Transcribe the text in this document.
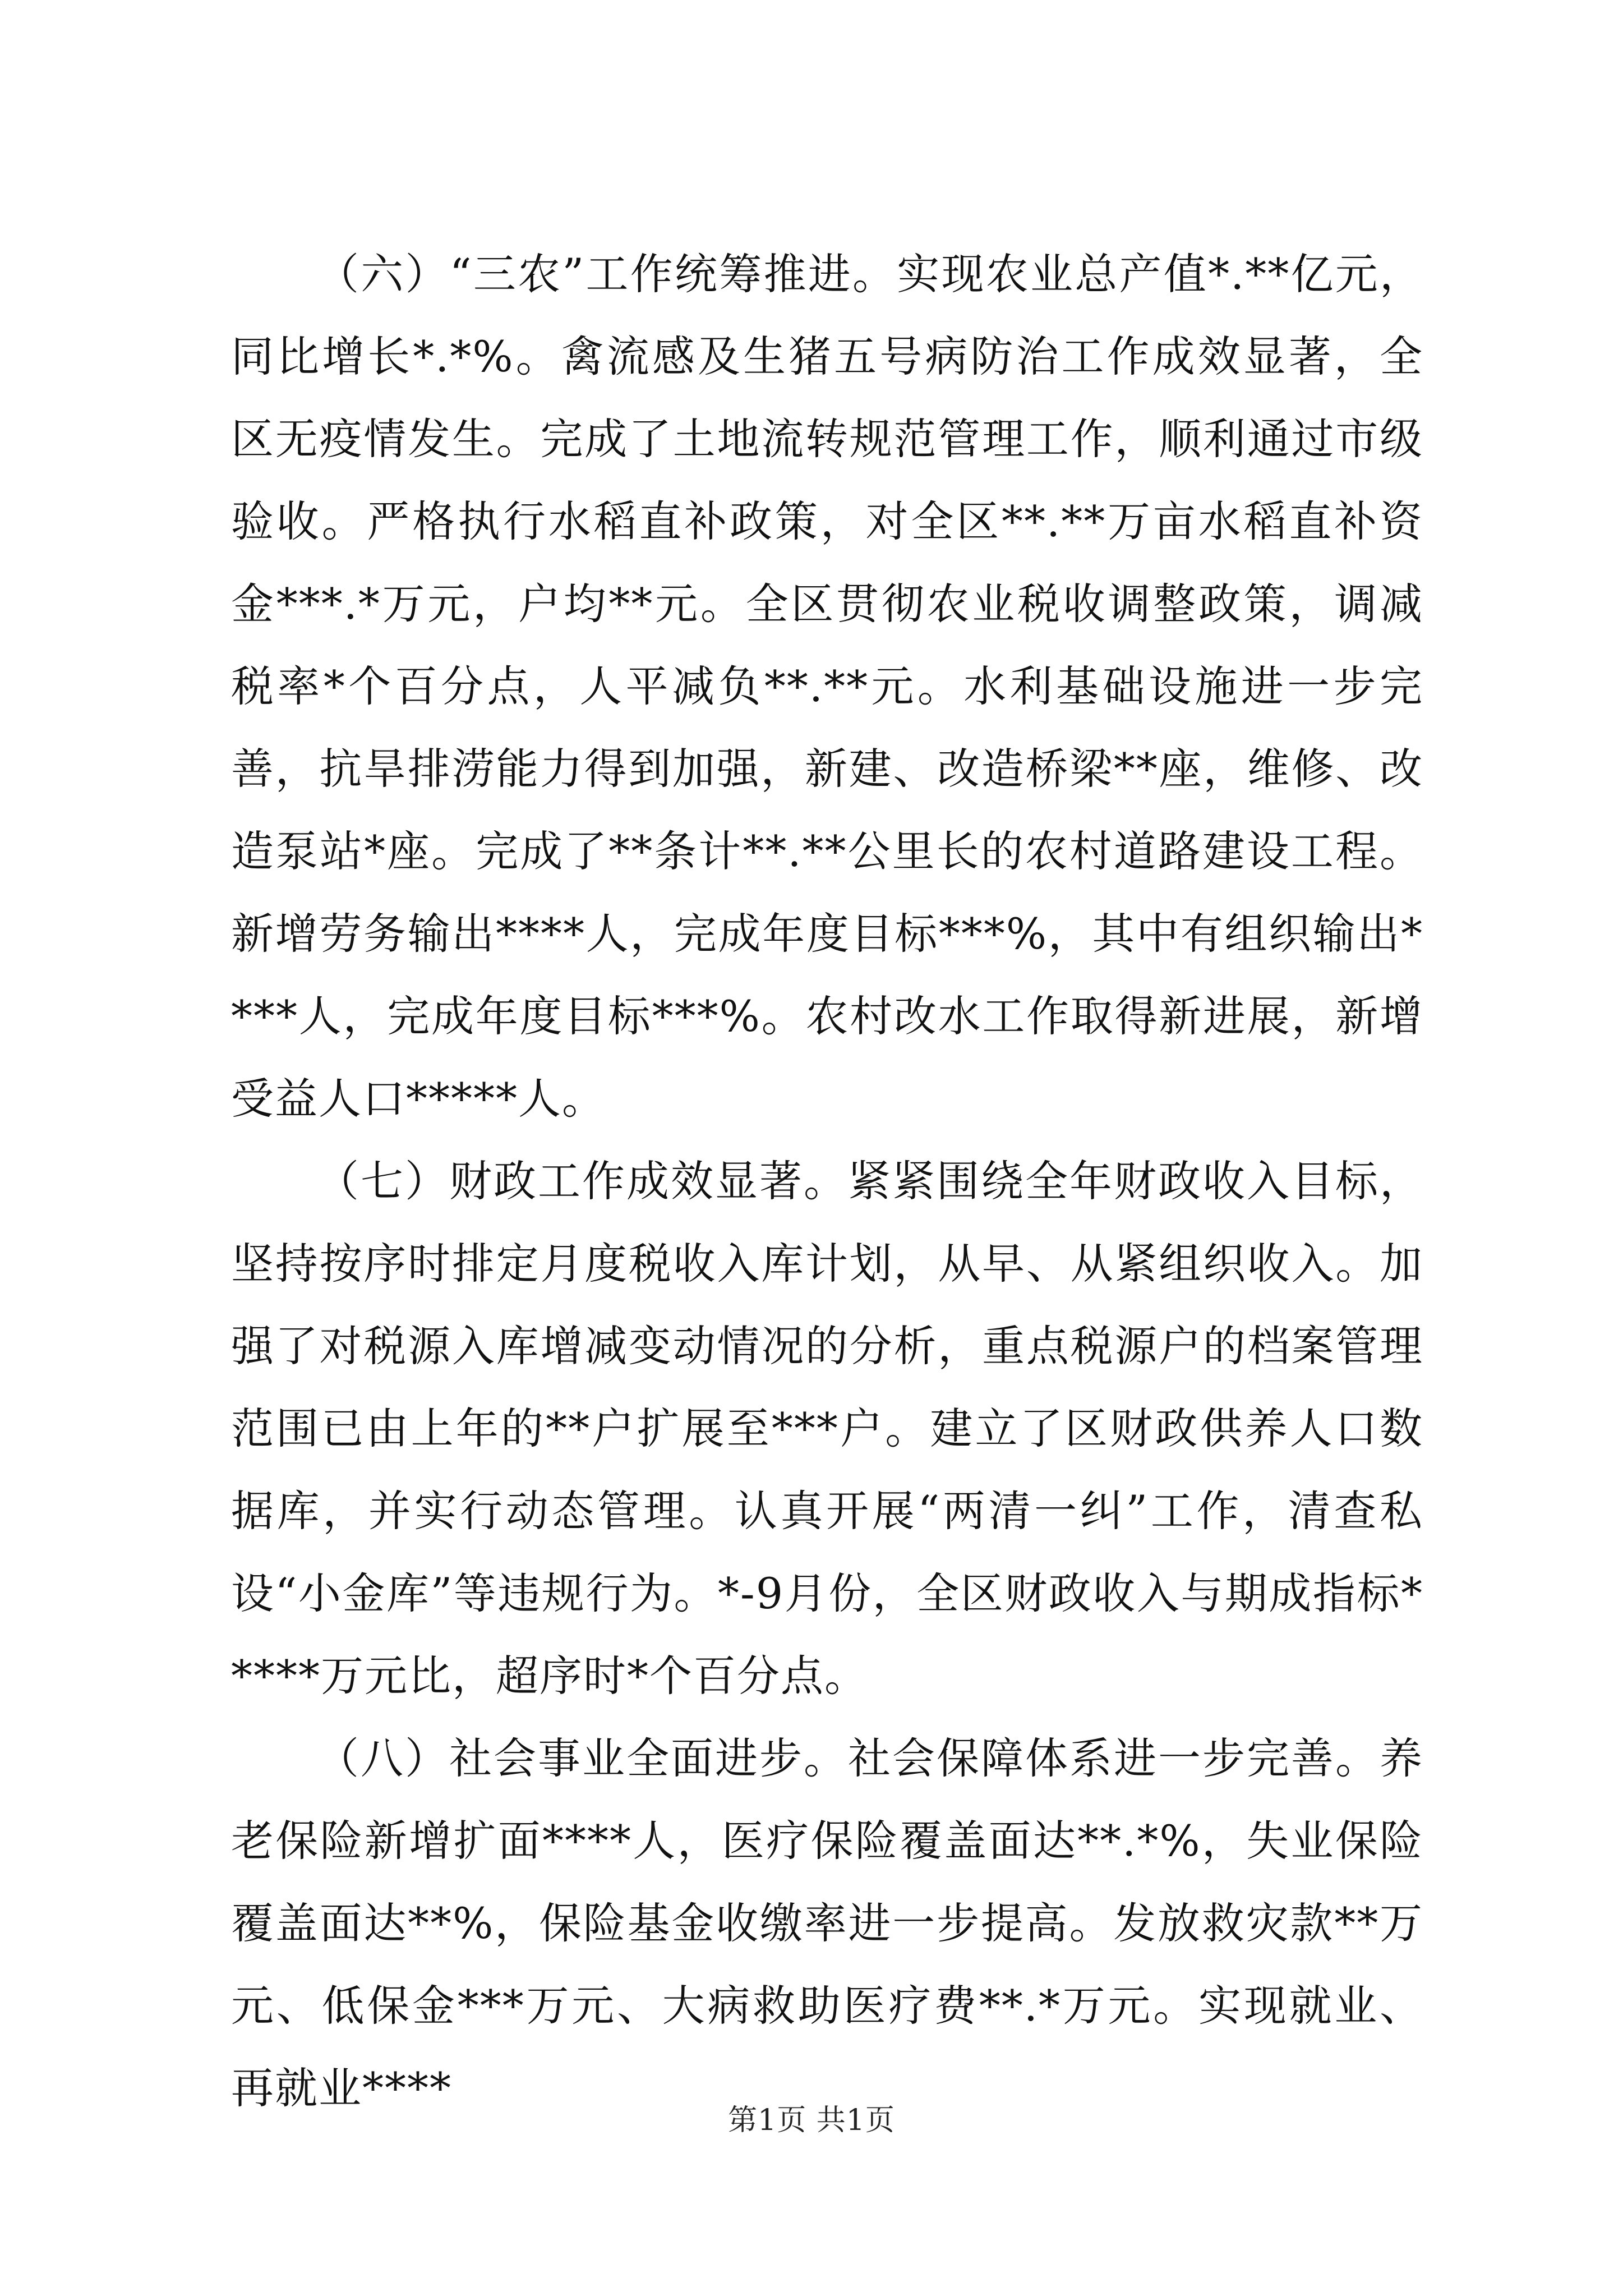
（六）“三农”工作统筹推进。实现农业总产值*.**亿元，同比增长*.*%。禽流感及生猪五号病防治工作成效显著，全区无疫情发生。完成了土地流转规范管理工作，顺利通过市级验收。严格执行水稻直补政策，对全区**.**万亩水稻直补资金***.*万元，户均**元。全区贯彻农业税收调整政策，调减税率*个百分点，人平减负**.**元。水利基础设施进一步完善，抗旱排涝能力得到加强，新建、改造桥梁**座，维修、改造泵站*座。完成了**条计**.**公里长的农村道路建设工程。新增劳务输出****人，完成年度目标***%，其中有组织输出****人，完成年度目标***%。农村改水工作取得新进展，新增受益人口*****人。

（七）财政工作成效显著。紧紧围绕全年财政收入目标，坚持按序时排定月度税收入库计划，从早、从紧组织收入。加强了对税源入库增减变动情况的分析，重点税源户的档案管理范围已由上年的**户扩展至***户。建立了区财政供养人口数据库，并实行动态管理。认真开展“两清一纠”工作，清查私设“小金库”等违规行为。*-9月份，全区财政收入与期成指标*****万元比，超序时*个百分点。

（八）社会事业全面进步。社会保障体系进一步完善。养老保险新增扩面****人，医疗保险覆盖面达**.*%，失业保险覆盖面达**%，保险基金收缴率进一步提高。发放救灾款**万元、低保金***万元、大病救助医疗费**.*万元。实现就业、再就业****

第1页 共1页
